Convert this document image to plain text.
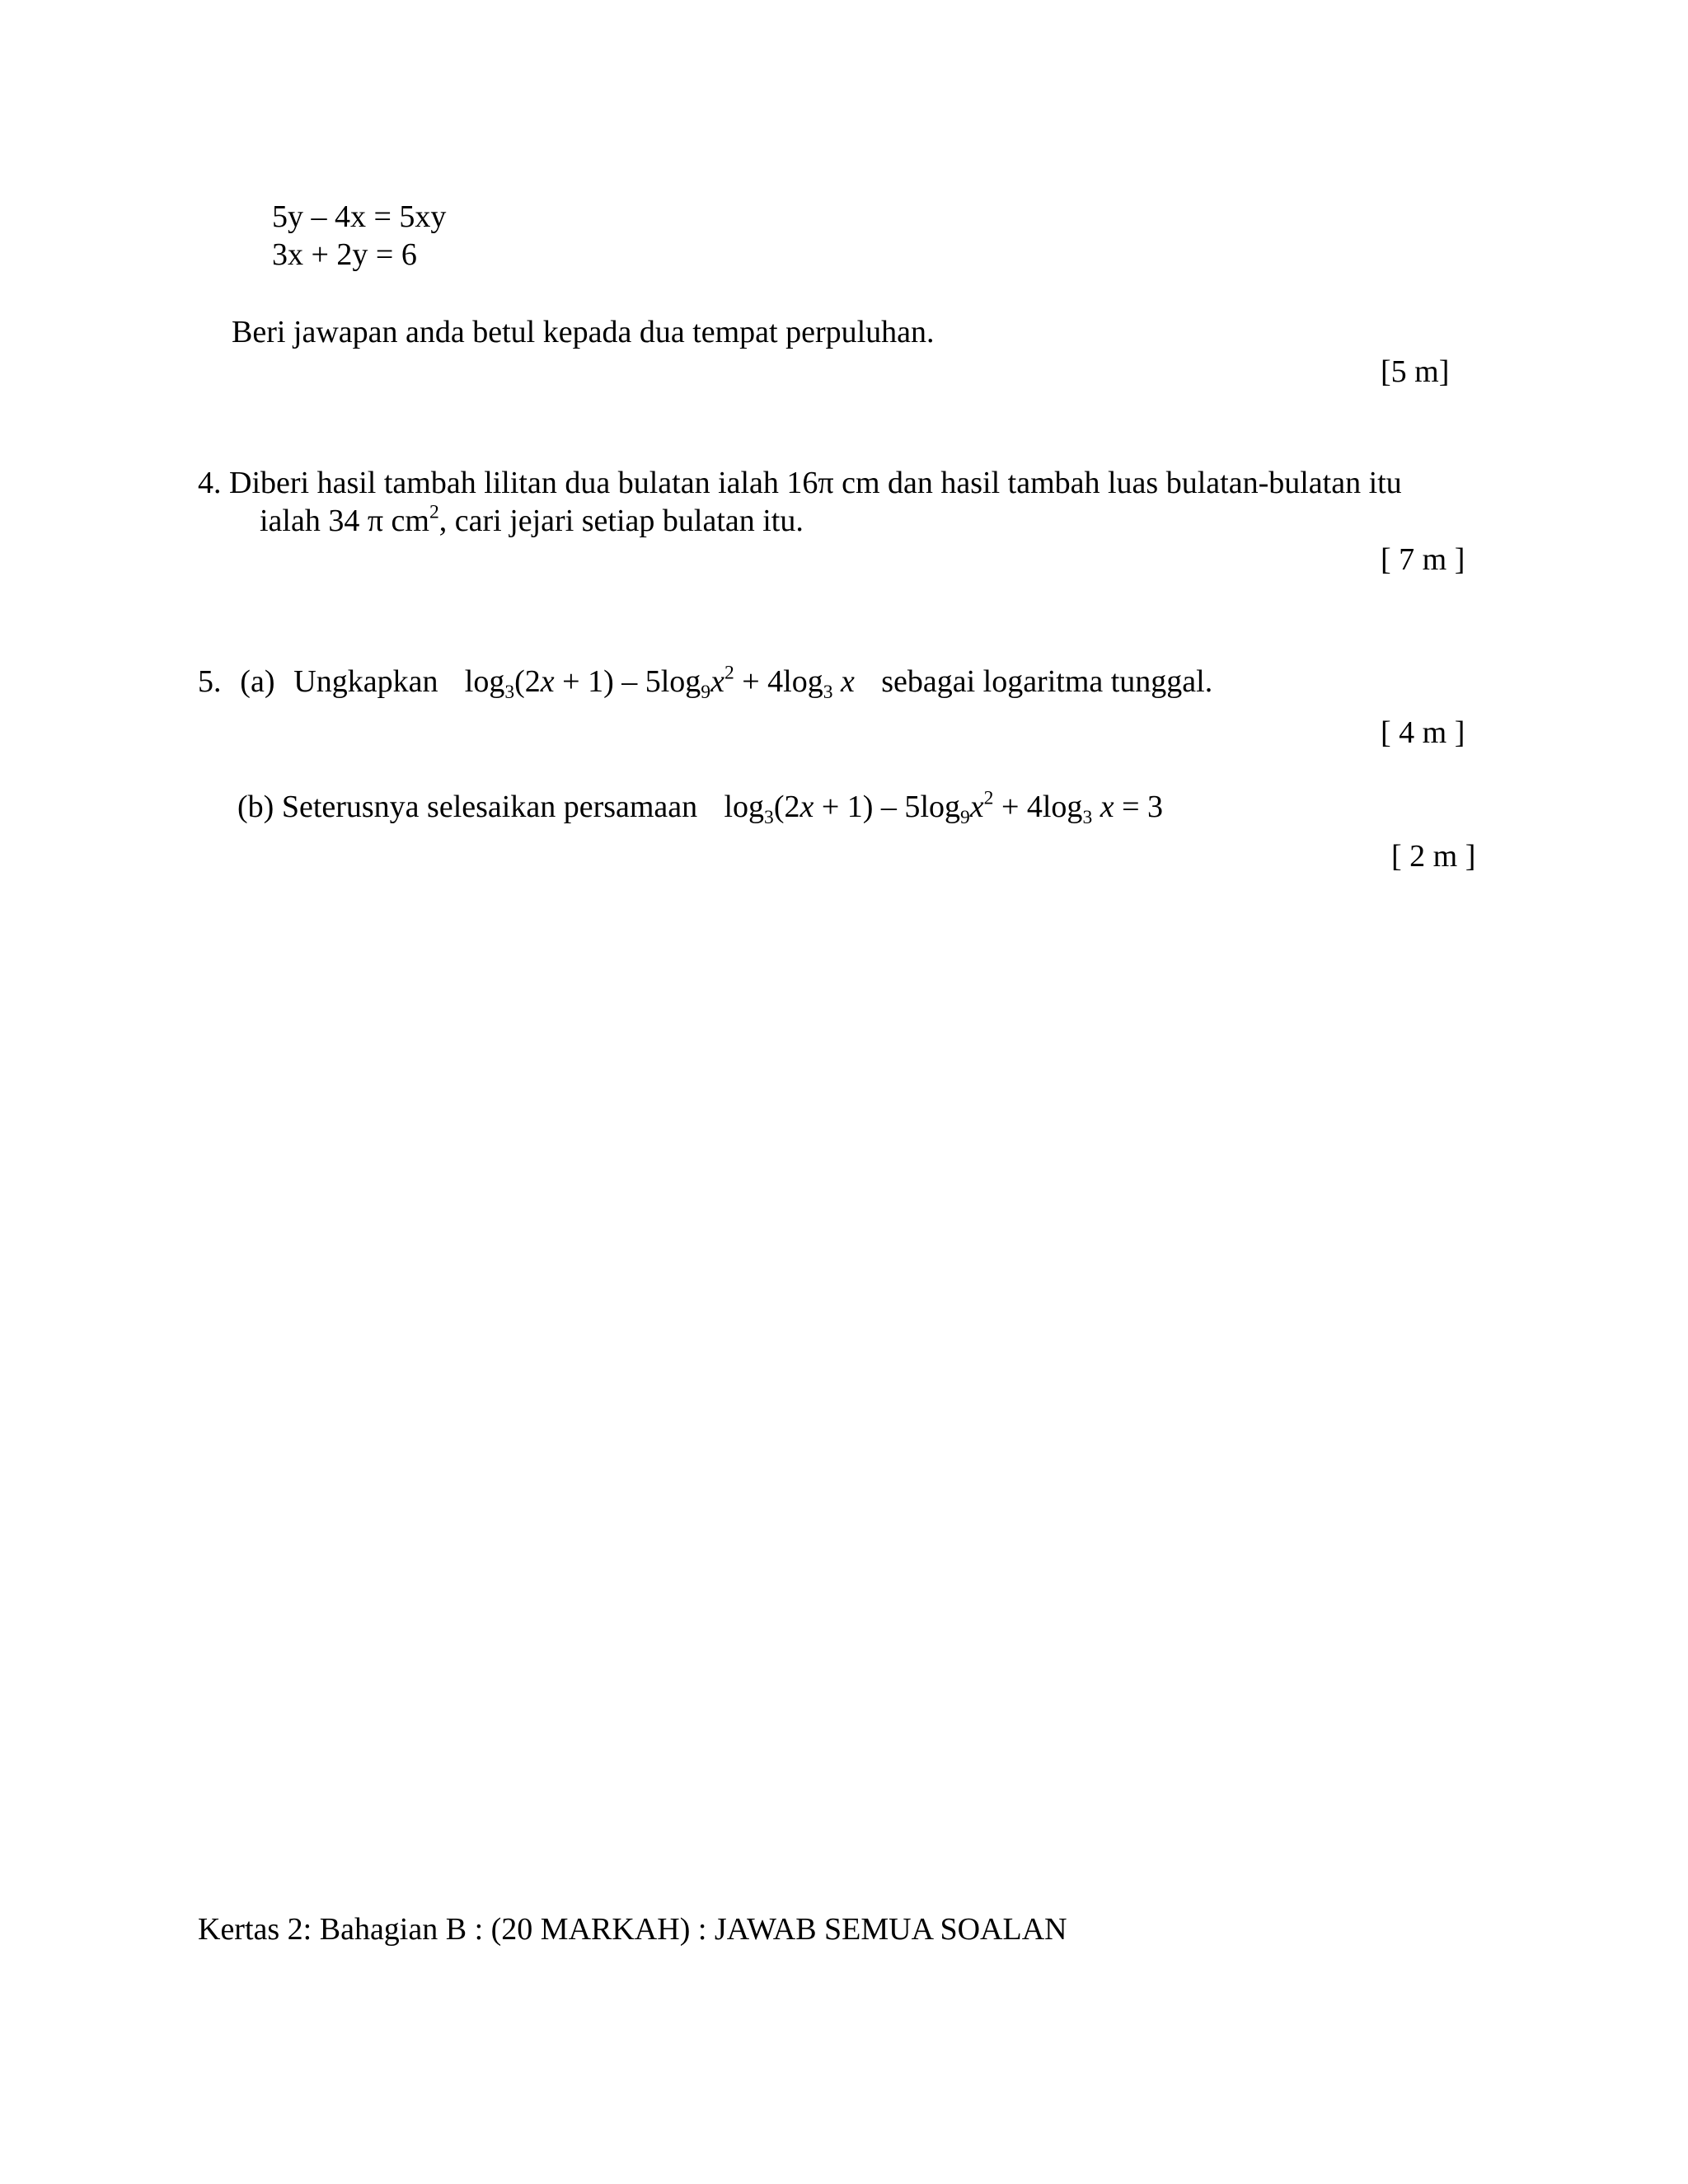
5y – 4x = 5xy
3x + 2y = 6
Beri jawapan anda betul kepada dua tempat perpuluhan.
[5 m]
4. Diberi hasil tambah lilitan dua bulatan ialah 16π cm dan hasil tambah luas bulatan-bulatan itu
ialah 34 π $cm^2$, cari jejari setiap bulatan itu.
[ 7 m ]
5. (a) Ungkapkan $\log_3(2x + 1) - 5\log_9x^2 + 4\log_3$ x sebagai logaritma tunggal.
[ 4 m ]
(b) Seterusnya selesaikan persamaan $\log_3(2x + 1) - 5\log_9x^2 + 4\log_3$ x = 3
[ 2 m ]
Kertas 2: Bahagian B : (20 MARKAH) : JAWAB SEMUA SOALAN
